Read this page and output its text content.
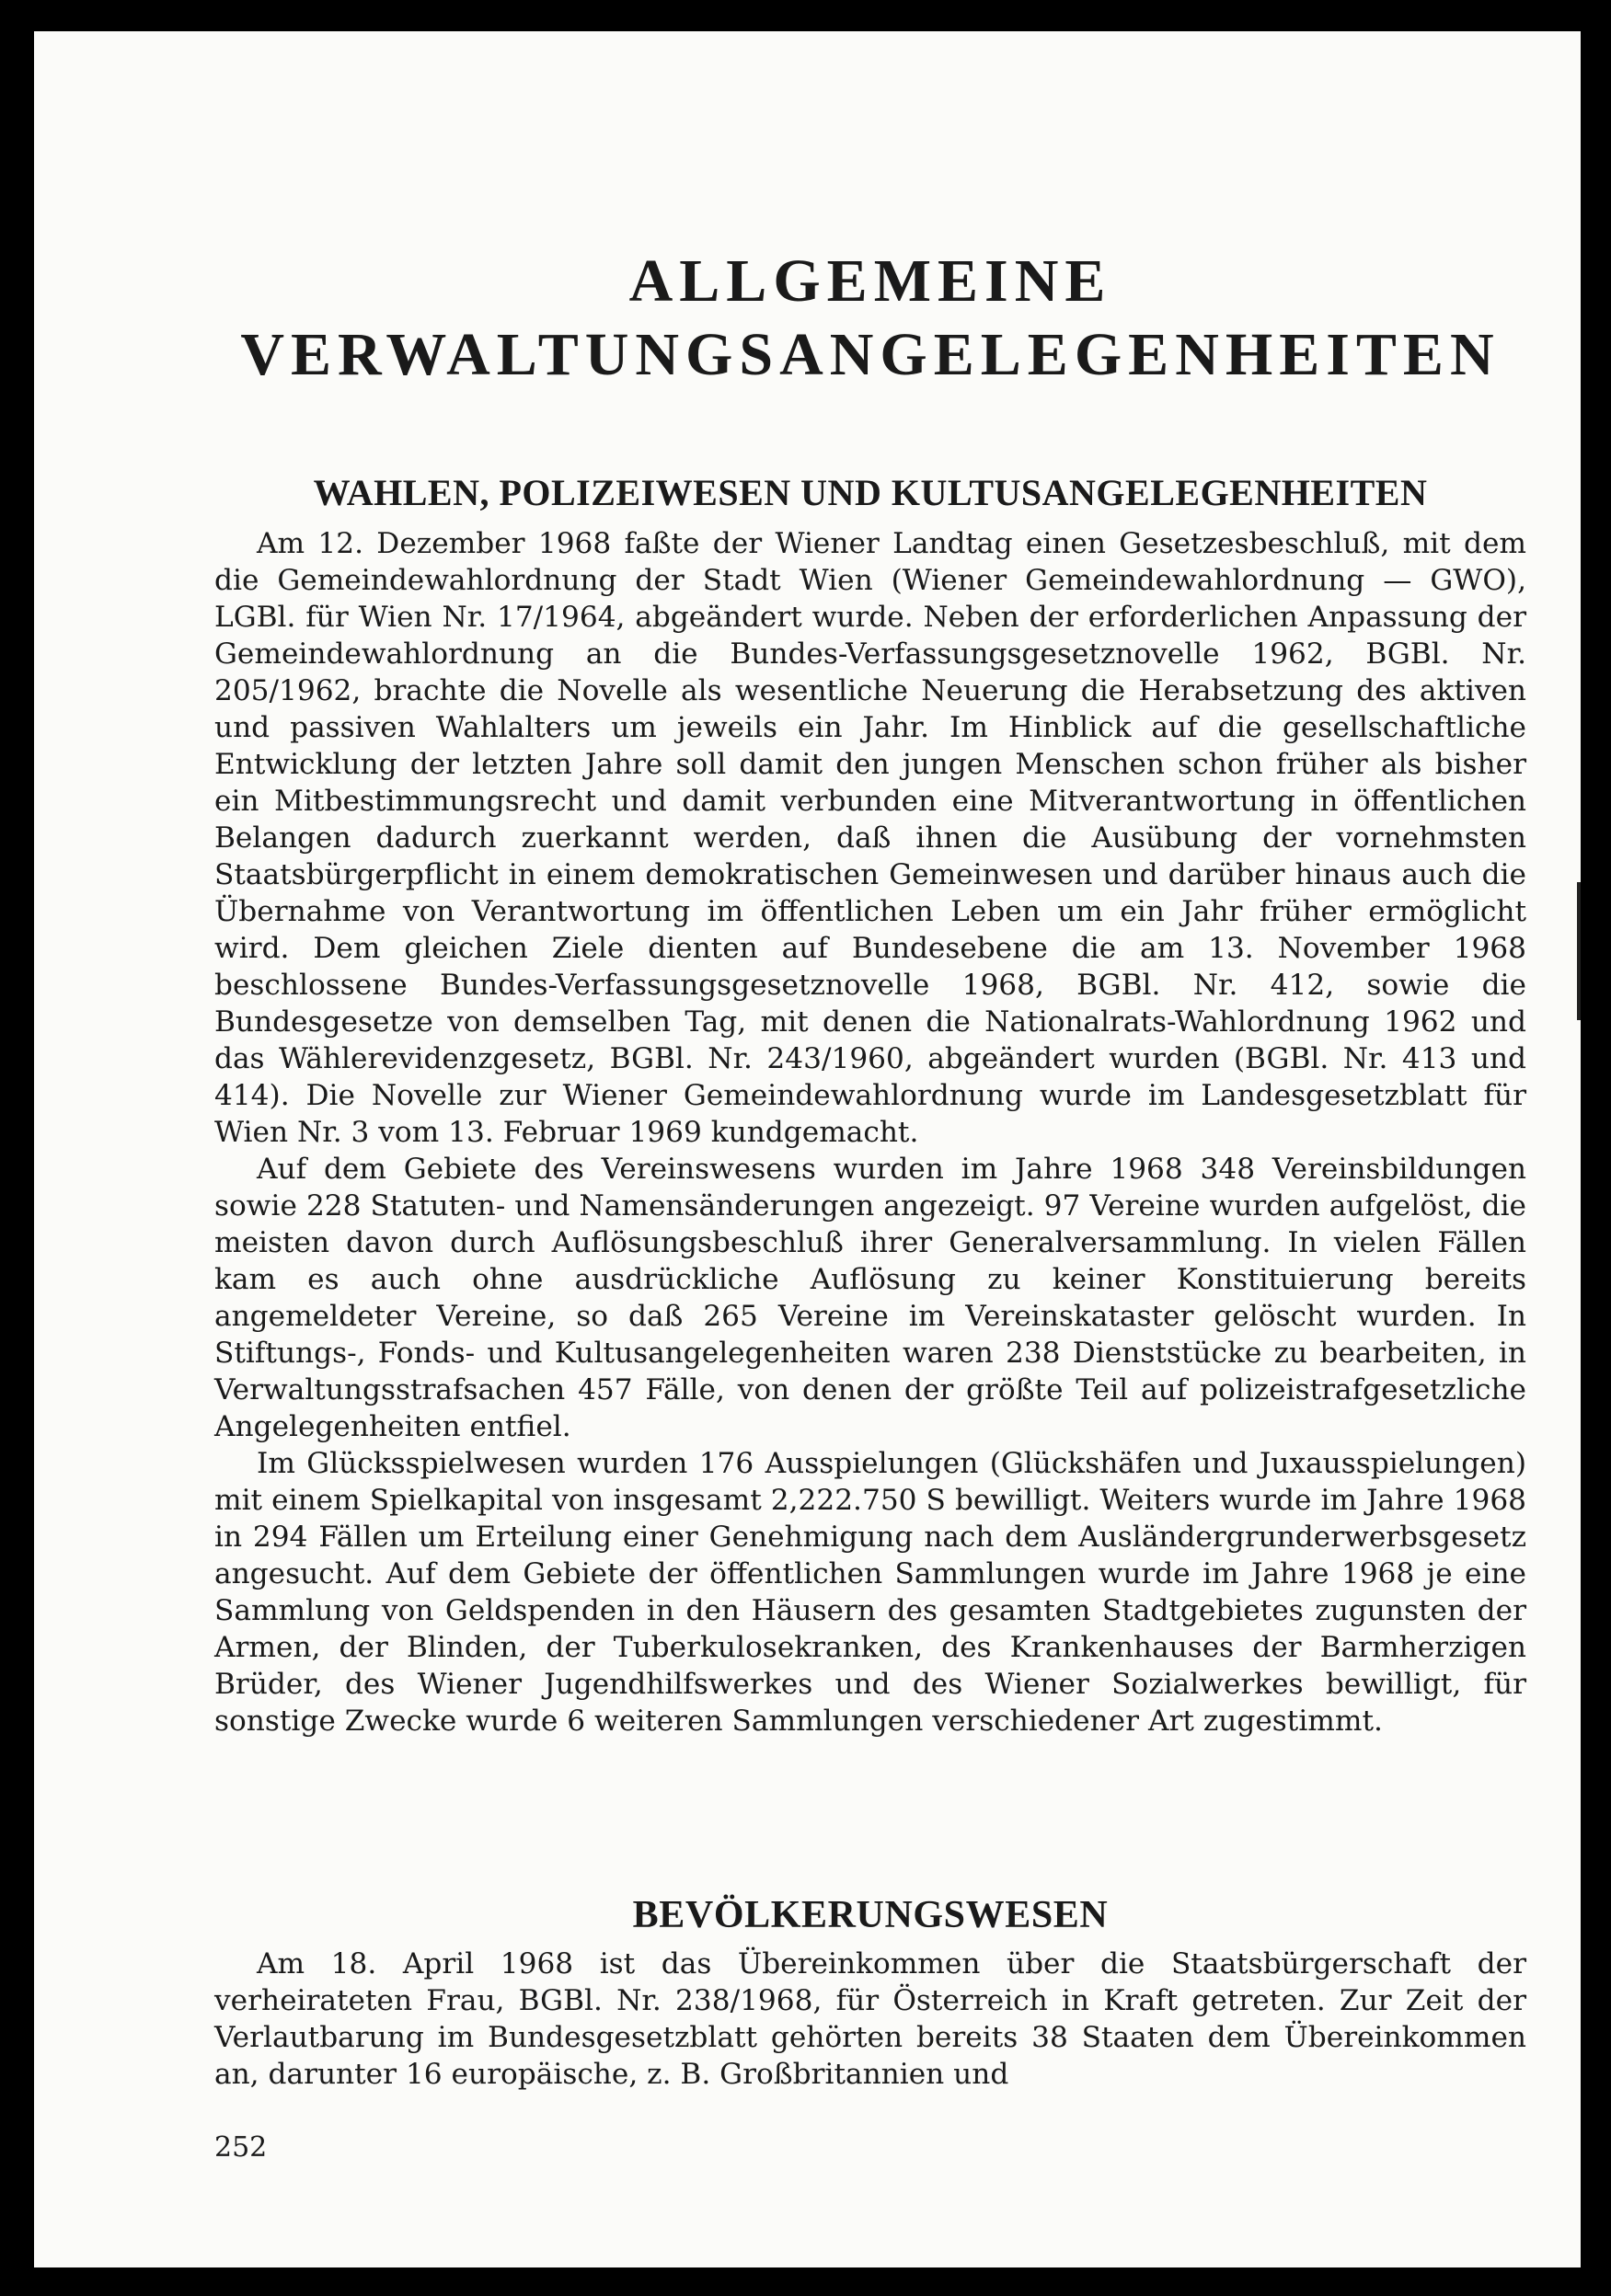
ALLGEMEINE
VERWALTUNGSANGELEGENHEITEN
WAHLEN, POLIZEIWESEN UND KULTUSANGELEGENHEITEN

Am 12. Dezember 1968 faßte der Wiener Landtag einen Gesetzesbeschluß, mit dem die Gemeindewahlordnung der Stadt Wien (Wiener Gemeindewahlordnung — GWO), LGBl. für Wien Nr. 17/1964, abgeändert wurde. Neben der erforderlichen Anpassung der Gemeindewahlordnung an die Bundes-Verfassungsgesetznovelle 1962, BGBl. Nr. 205/1962, brachte die Novelle als wesentliche Neuerung die Herabsetzung des aktiven und passiven Wahlalters um jeweils ein Jahr. Im Hinblick auf die gesellschaftliche Entwicklung der letzten Jahre soll damit den jungen Menschen schon früher als bisher ein Mitbestimmungsrecht und damit verbunden eine Mitverantwortung in öffentlichen Belangen dadurch zuerkannt werden, daß ihnen die Ausübung der vornehmsten Staatsbürgerpflicht in einem demokratischen Gemeinwesen und darüber hinaus auch die Übernahme von Verantwortung im öffentlichen Leben um ein Jahr früher ermöglicht wird. Dem gleichen Ziele dienten auf Bundesebene die am 13. November 1968 beschlossene Bundes-Verfassungsgesetznovelle 1968, BGBl. Nr. 412, sowie die Bundesgesetze von demselben Tag, mit denen die Nationalrats-Wahlordnung 1962 und das Wählerevidenzgesetz, BGBl. Nr. 243/1960, abgeändert wurden (BGBl. Nr. 413 und 414). Die Novelle zur Wiener Gemeindewahlordnung wurde im Landesgesetzblatt für Wien Nr. 3 vom 13. Februar 1969 kundgemacht.

Auf dem Gebiete des Vereinswesens wurden im Jahre 1968 348 Vereinsbildungen sowie 228 Statuten- und Namensänderungen angezeigt. 97 Vereine wurden aufgelöst, die meisten davon durch Auflösungsbeschluß ihrer Generalversammlung. In vielen Fällen kam es auch ohne ausdrückliche Auflösung zu keiner Konstituierung bereits angemeldeter Vereine, so daß 265 Vereine im Vereinskataster gelöscht wurden. In Stiftungs-, Fonds- und Kultusangelegenheiten waren 238 Dienststücke zu bearbeiten, in Verwaltungsstrafsachen 457 Fälle, von denen der größte Teil auf polizeistrafgesetzliche Angelegenheiten entfiel.

Im Glücksspielwesen wurden 176 Ausspielungen (Glückshäfen und Juxausspielungen) mit einem Spielkapital von insgesamt 2,222.750 S bewilligt. Weiters wurde im Jahre 1968 in 294 Fällen um Erteilung einer Genehmigung nach dem Ausländergrunderwerbsgesetz angesucht. Auf dem Gebiete der öffentlichen Sammlungen wurde im Jahre 1968 je eine Sammlung von Geldspenden in den Häusern des gesamten Stadtgebietes zugunsten der Armen, der Blinden, der Tuberkulosekranken, des Krankenhauses der Barmherzigen Brüder, des Wiener Jugendhilfswerkes und des Wiener Sozialwerkes bewilligt, für sonstige Zwecke wurde 6 weiteren Sammlungen verschiedener Art zugestimmt.

BEVÖLKERUNGSWESEN

Am 18. April 1968 ist das Übereinkommen über die Staatsbürgerschaft der verheirateten Frau, BGBl. Nr. 238/1968, für Österreich in Kraft getreten. Zur Zeit der Verlautbarung im Bundesgesetzblatt gehörten bereits 38 Staaten dem Übereinkommen an, darunter 16 europäische, z. B. Großbritannien und

252
